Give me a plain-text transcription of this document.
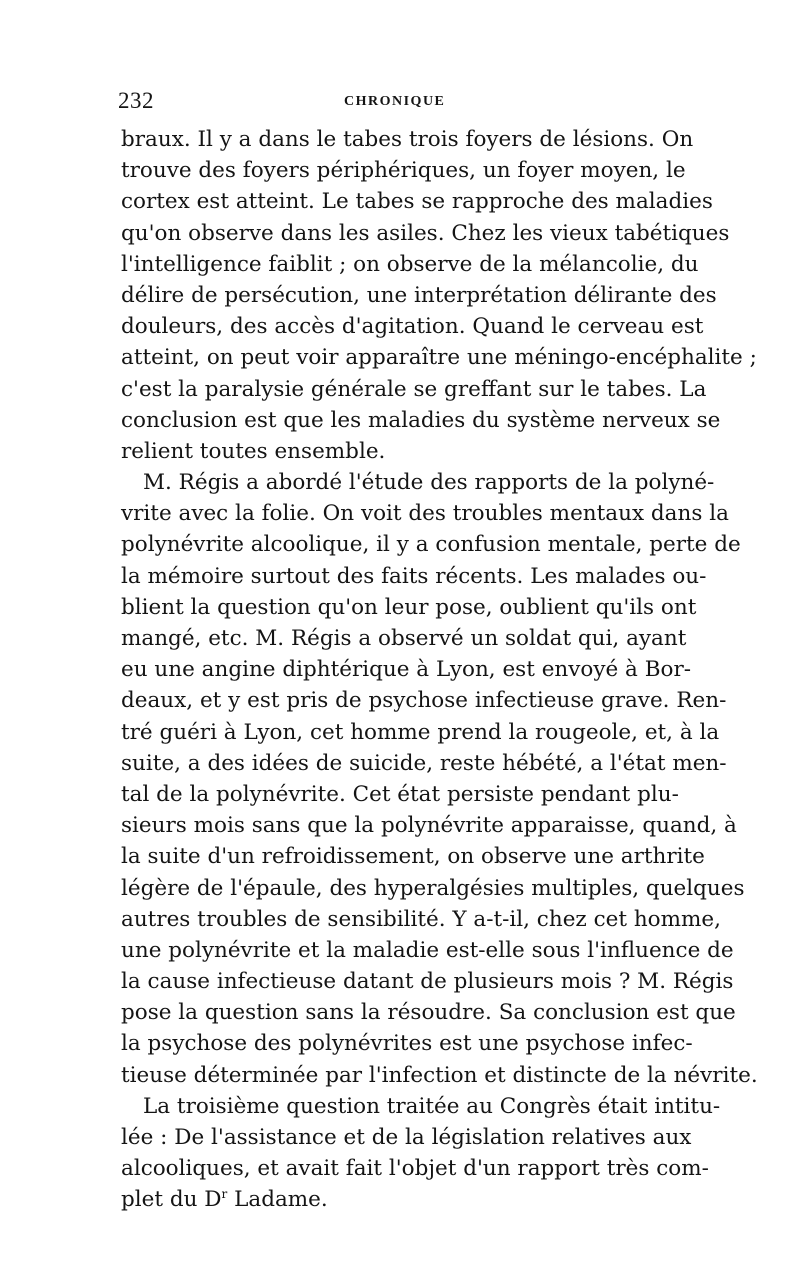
232	CHRONIQUE
braux. Il y a dans le tabes trois foyers de lésions. On
trouve des foyers périphériques, un foyer moyen, le
cortex est atteint. Le tabes se rapproche des maladies
qu'on observe dans les asiles. Chez les vieux tabétiques
l'intelligence faiblit ; on observe de la mélancolie, du
délire de persécution, une interprétation délirante des
douleurs, des accès d'agitation. Quand le cerveau est
atteint, on peut voir apparaître une méningo-encéphalite ;
c'est la paralysie générale se greffant sur le tabes. La
conclusion est que les maladies du système nerveux se
relient toutes ensemble.
M. Régis a abordé l'étude des rapports de la polyné-
vrite avec la folie. On voit des troubles mentaux dans la
polynévrite alcoolique, il y a confusion mentale, perte de
la mémoire surtout des faits récents. Les malades ou-
blient la question qu'on leur pose, oublient qu'ils ont
mangé, etc. M. Régis a observé un soldat qui, ayant
eu une angine diphtérique à Lyon, est envoyé à Bor-
deaux, et y est pris de psychose infectieuse grave. Ren-
tré guéri à Lyon, cet homme prend la rougeole, et, à la
suite, a des idées de suicide, reste hébété, a l'état men-
tal de la polynévrite. Cet état persiste pendant plu-
sieurs mois sans que la polynévrite apparaisse, quand, à
la suite d'un refroidissement, on observe une arthrite
légère de l'épaule, des hyperalgésies multiples, quelques
autres troubles de sensibilité. Y a-t-il, chez cet homme,
une polynévrite et la maladie est-elle sous l'influence de
la cause infectieuse datant de plusieurs mois ? M. Régis
pose la question sans la résoudre. Sa conclusion est que
la psychose des polynévrites est une psychose infec-
tieuse déterminée par l'infection et distincte de la névrite.
La troisième question traitée au Congrès était intitu-
lée : De l'assistance et de la législation relatives aux
alcooliques, et avait fait l'objet d'un rapport très com-
plet du $D^r$ Ladame.
